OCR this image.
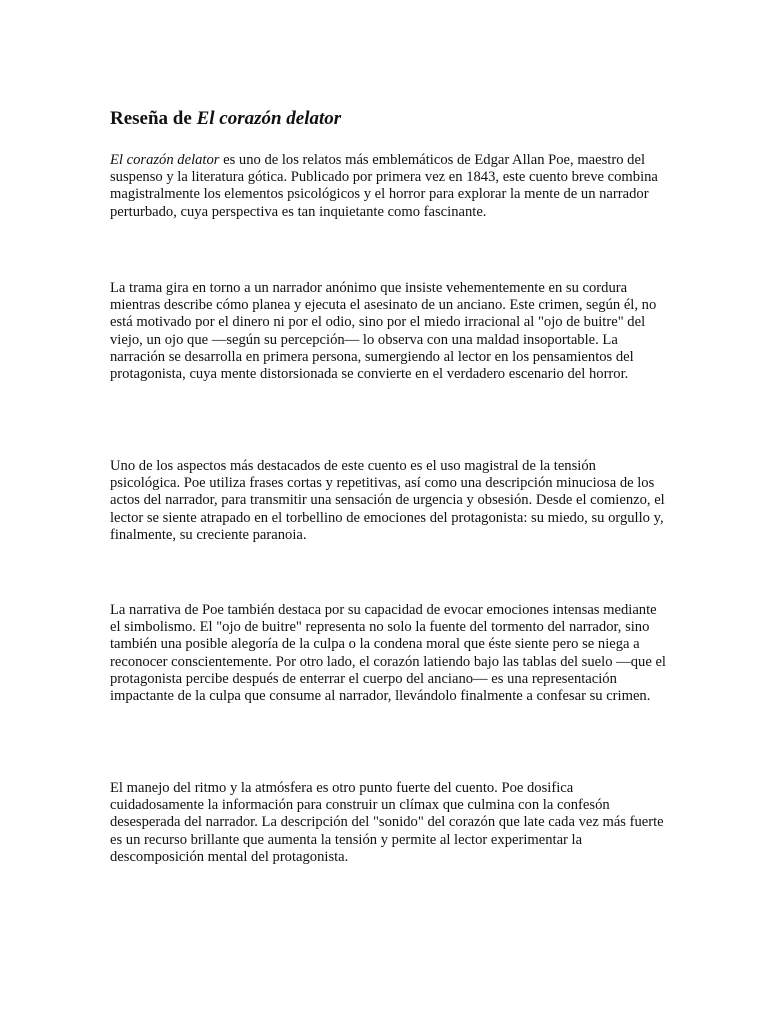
Reseña de El corazón delator

El corazón delator es uno de los relatos más emblemáticos de Edgar Allan Poe, maestro del suspenso y la literatura gótica. Publicado por primera vez en 1843, este cuento breve combina magistralmente los elementos psicológicos y el horror para explorar la mente de un narrador perturbado, cuya perspectiva es tan inquietante como fascinante.

La trama gira en torno a un narrador anónimo que insiste vehementemente en su cordura mientras describe cómo planea y ejecuta el asesinato de un anciano. Este crimen, según él, no está motivado por el dinero ni por el odio, sino por el miedo irracional al "ojo de buitre" del viejo, un ojo que —según su percepción— lo observa con una maldad insoportable. La narración se desarrolla en primera persona, sumergiendo al lector en los pensamientos del protagonista, cuya mente distorsionada se convierte en el verdadero escenario del horror.

Uno de los aspectos más destacados de este cuento es el uso magistral de la tensión psicológica. Poe utiliza frases cortas y repetitivas, así como una descripción minuciosa de los actos del narrador, para transmitir una sensación de urgencia y obsesión. Desde el comienzo, el lector se siente atrapado en el torbellino de emociones del protagonista: su miedo, su orgullo y, finalmente, su creciente paranoia.

La narrativa de Poe también destaca por su capacidad de evocar emociones intensas mediante el simbolismo. El "ojo de buitre" representa no solo la fuente del tormento del narrador, sino también una posible alegoría de la culpa o la condena moral que éste siente pero se niega a reconocer conscientemente. Por otro lado, el corazón latiendo bajo las tablas del suelo —que el protagonista percibe después de enterrar el cuerpo del anciano— es una representación impactante de la culpa que consume al narrador, llevándolo finalmente a confesar su crimen.

El manejo del ritmo y la atmósfera es otro punto fuerte del cuento. Poe dosifica cuidadosamente la información para construir un clímax que culmina con la confesón desesperada del narrador. La descripción del "sonido" del corazón que late cada vez más fuerte es un recurso brillante que aumenta la tensión y permite al lector experimentar la descomposición mental del protagonista.
